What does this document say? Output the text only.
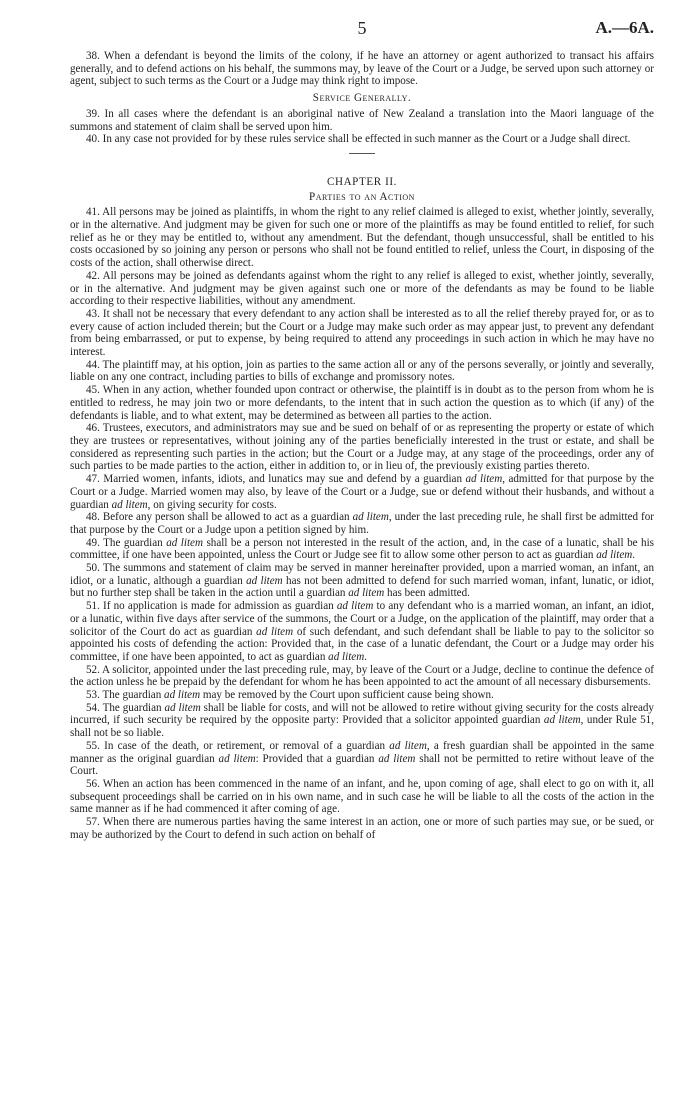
5	A.—6A.

38. When a defendant is beyond the limits of the colony, if he have an attorney or agent authorized to transact his affairs generally, and to defend actions on his behalf, the summons may, by leave of the Court or a Judge, be served upon such attorney or agent, subject to such terms as the Court or a Judge may think right to impose.

Service Generally.

39. In all cases where the defendant is an aboriginal native of New Zealand a translation into the Maori language of the summons and statement of claim shall be served upon him.

40. In any case not provided for by these rules service shall be effected in such manner as the Court or a Judge shall direct.

CHAPTER II.
Parties to an Action

41. All persons may be joined as plaintiffs, in whom the right to any relief claimed is alleged to exist, whether jointly, severally, or in the alternative. And judgment may be given for such one or more of the plaintiffs as may be found entitled to relief, for such relief as he or they may be entitled to, without any amendment. But the defendant, though unsuccessful, shall be entitled to his costs occasioned by so joining any person or persons who shall not be found entitled to relief, unless the Court, in disposing of the costs of the action, shall otherwise direct.

42. All persons may be joined as defendants against whom the right to any relief is alleged to exist, whether jointly, severally, or in the alternative. And judgment may be given against such one or more of the defendants as may be found to be liable according to their respective liabilities, without any amendment.

43. It shall not be necessary that every defendant to any action shall be interested as to all the relief thereby prayed for, or as to every cause of action included therein; but the Court or a Judge may make such order as may appear just, to prevent any defendant from being embarrassed, or put to expense, by being required to attend any proceedings in such action in which he may have no interest.

44. The plaintiff may, at his option, join as parties to the same action all or any of the persons severally, or jointly and severally, liable on any one contract, including parties to bills of exchange and promissory notes.

45. When in any action, whether founded upon contract or otherwise, the plaintiff is in doubt as to the person from whom he is entitled to redress, he may join two or more defendants, to the intent that in such action the question as to which (if any) of the defendants is liable, and to what extent, may be determined as between all parties to the action.

46. Trustees, executors, and administrators may sue and be sued on behalf of or as representing the property or estate of which they are trustees or representatives, without joining any of the parties beneficially interested in the trust or estate, and shall be considered as representing such parties in the action; but the Court or a Judge may, at any stage of the proceedings, order any of such parties to be made parties to the action, either in addition to, or in lieu of, the previously existing parties thereto.

47. Married women, infants, idiots, and lunatics may sue and defend by a guardian ad litem, admitted for that purpose by the Court or a Judge. Married women may also, by leave of the Court or a Judge, sue or defend without their husbands, and without a guardian ad litem, on giving security for costs.

48. Before any person shall be allowed to act as a guardian ad litem, under the last preceding rule, he shall first be admitted for that purpose by the Court or a Judge upon a petition signed by him.

49. The guardian ad litem shall be a person not interested in the result of the action, and, in the case of a lunatic, shall be his committee, if one have been appointed, unless the Court or Judge see fit to allow some other person to act as guardian ad litem.

50. The summons and statement of claim may be served in manner hereinafter provided, upon a married woman, an infant, an idiot, or a lunatic, although a guardian ad litem has not been admitted to defend for such married woman, infant, lunatic, or idiot, but no further step shall be taken in the action until a guardian ad litem has been admitted.

51. If no application is made for admission as guardian ad litem to any defendant who is a married woman, an infant, an idiot, or a lunatic, within five days after service of the summons, the Court or a Judge, on the application of the plaintiff, may order that a solicitor of the Court do act as guardian ad litem of such defendant, and such defendant shall be liable to pay to the solicitor so appointed his costs of defending the action: Provided that, in the case of a lunatic defendant, the Court or a Judge may order his committee, if one have been appointed, to act as guardian ad litem.

52. A solicitor, appointed under the last preceding rule, may, by leave of the Court or a Judge, decline to continue the defence of the action unless he be prepaid by the defendant for whom he has been appointed to act the amount of all necessary disbursements.

53. The guardian ad litem may be removed by the Court upon sufficient cause being shown.

54. The guardian ad litem shall be liable for costs, and will not be allowed to retire without giving security for the costs already incurred, if such security be required by the opposite party: Provided that a solicitor appointed guardian ad litem, under Rule 51, shall not be so liable.

55. In case of the death, or retirement, or removal of a guardian ad litem, a fresh guardian shall be appointed in the same manner as the original guardian ad litem: Provided that a guardian ad litem shall not be permitted to retire without leave of the Court.

56. When an action has been commenced in the name of an infant, and he, upon coming of age, shall elect to go on with it, all subsequent proceedings shall be carried on in his own name, and in such case he will be liable to all the costs of the action in the same manner as if he had commenced it after coming of age.

57. When there are numerous parties having the same interest in an action, one or more of such parties may sue, or be sued, or may be authorized by the Court to defend in such action on behalf of
